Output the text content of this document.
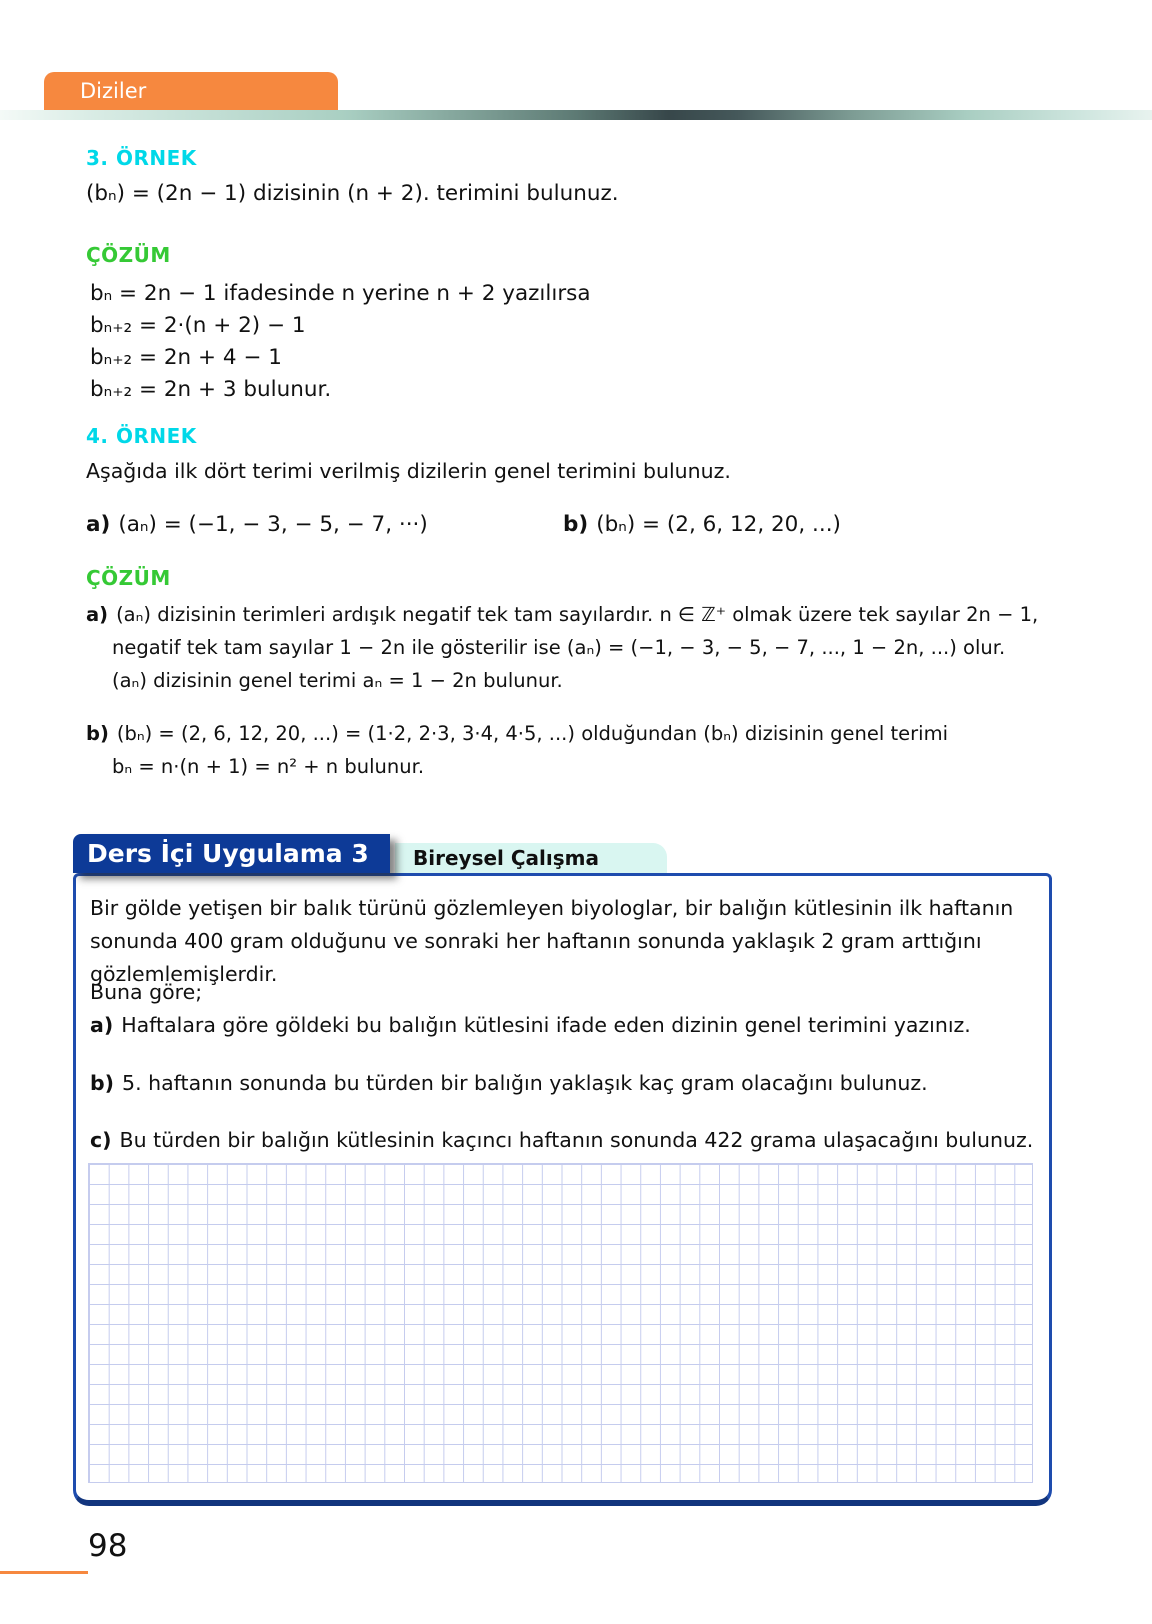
Diziler
3. ÖRNEK
(bₙ) = (2n − 1) dizisinin (n + 2). terimini bulunuz.
ÇÖZÜM
bₙ = 2n − 1 ifadesinde n yerine n + 2 yazılırsa
bₙ₊₂ = 2·(n + 2) − 1
bₙ₊₂ = 2n + 4 − 1
bₙ₊₂ = 2n + 3 bulunur.
4. ÖRNEK
Aşağıda ilk dört terimi verilmiş dizilerin genel terimini bulunuz.
a) (aₙ) = (−1, − 3, − 5, − 7, ···)	b) (bₙ) = (2, 6, 12, 20, ...)
ÇÖZÜM
a) (aₙ) dizisinin terimleri ardışık negatif tek tam sayılardır. n ∈ ℤ⁺ olmak üzere tek sayılar 2n − 1,
negatif tek tam sayılar 1 − 2n ile gösterilir ise (aₙ) = (−1, − 3, − 5, − 7, ..., 1 − 2n, ...) olur.
(aₙ) dizisinin genel terimi aₙ = 1 − 2n bulunur.
b) (bₙ) = (2, 6, 12, 20, ...) = (1·2, 2·3, 3·4, 4·5, ...) olduğundan (bₙ) dizisinin genel terimi
bₙ = n·(n + 1) = n² + n bulunur.
Ders İçi Uygulama 3	Bireysel Çalışma
Bir gölde yetişen bir balık türünü gözlemleyen biyologlar, bir balığın kütlesinin ilk haftanın sonunda 400 gram olduğunu ve sonraki her haftanın sonunda yaklaşık 2 gram arttığını gözlemlemişlerdir.
Buna göre;
a) Haftalara göre göldeki bu balığın kütlesini ifade eden dizinin genel terimini yazınız.
b) 5. haftanın sonunda bu türden bir balığın yaklaşık kaç gram olacağını bulunuz.
c) Bu türden bir balığın kütlesinin kaçıncı haftanın sonunda 422 grama ulaşacağını bulunuz.
98
